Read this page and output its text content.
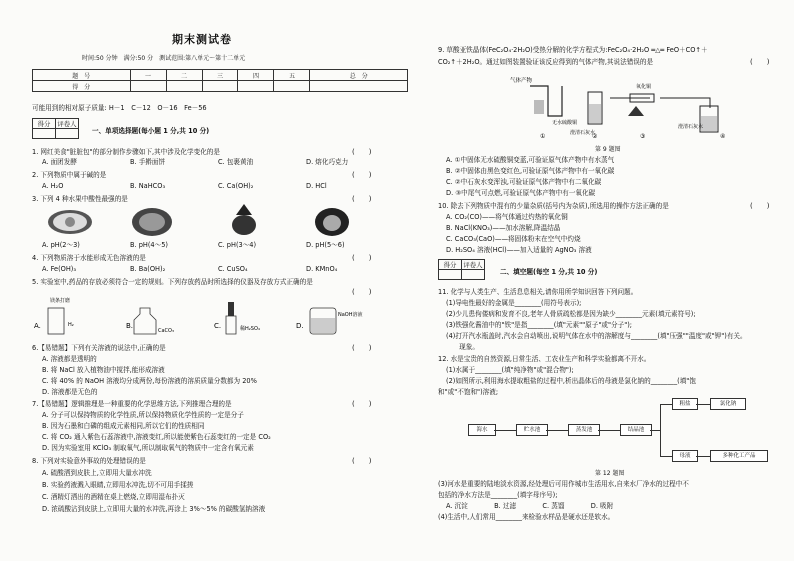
期末测试卷
时间:50 分钟　满分:50 分　测试范围:第八单元～第十二单元
题　号	一	二	三	四	五	总　分
得　分						
可能用到的相对原子质量: H－1　C－12　O－16　Fe－56
得分	评卷人

一、单项选择题(每小题 1 分,共 10 分)
1. 网红美食"脏脏包"的部分制作步骤如下,其中涉及化学变化的是	(　　)
A. 面团发酵	B. 手擀面饼	C. 包裹黄油	D. 熔化巧克力
2. 下列物质中属于碱的是	(　　)
A. H₂O	B. NaHCO₃	C. Ca(OH)₂	D. HCl
3. 下列 4 种水果中酸性最强的是	(　　)
A. pH(2～3)	B. pH(4～5)	C. pH(3～4)	D. pH(5～6)
4. 下列物质溶于水能形成无色溶液的是	(　　)
A. Fe(OH)₃	B. Ba(OH)₂	C. CuSO₄	D. KMnO₄
5. 实验室中,药品的存放必须符合一定的规则。下列存放药品时所选择的仪器及存放方式正确的是
(　　)
A.
镁条打磨
H₂	B.
CaCO₃
C.	稀H₂SO₄	D.
NaOH溶液
6.【易错题】下列有关溶液的说法中,正确的是	(　　)
A. 溶液都是透明的
B. 将 NaCl 放入植物油中搅拌,能形成溶液
C. 将 40% 的 NaOH 溶液均分成两份,每份溶液的溶质质量分数都为 20%
D. 溶液都是无色的
7.【易错题】逻辑推理是一种重要的化学思维方法,下列推理合理的是	(　　)
A. 分子可以保持物质的化学性质,所以保持物质化学性质的一定是分子
B. 因为石墨和白磷的组成元素相同,所以它们的性质相同
C. 将 CO₂ 通入紫色石蕊溶液中,溶液变红,所以能使紫色石蕊变红的一定是 CO₂
D. 因为实验室用 KClO₃ 制取氧气,所以制取氧气的物质中一定含有氧元素
8. 下列对实验意外事故的处理错误的是	(　　)
A. 硫酸洒到皮肤上,立即用大量水冲洗
B. 实验药液溅入眼睛,立即用水冲洗,切不可用手揉搓
C. 酒精灯洒出的酒精在桌上燃烧,立即用湿布扑灭
D. 浓硫酸沾到皮肤上,立即用大量的水冲洗,再涂上 3%～5% 的碳酸氢钠溶液
9. 草酸亚铁晶体(FeC₂O₄·2H₂O)受热分解的化学方程式为:FeC₂O₄·2H₂O ═△═ FeO＋CO↑＋
CO₂↑＋2H₂O。通过如图装置验证该反应得到的气体产物,其说法错误的是	(　　)
气体产物
无水硫酸铜
澄清石灰水
氧化铜
澄清石灰水
①	②	③	④
第 9 题图
A. ①中固体无水硫酸铜变蓝,可验证原气体产物中有水蒸气
B. ②中固体由黑色变红色,可验证原气体产物中有一氧化碳
C. ②中石灰水变浑浊,可验证原气体产物中有二氧化碳
D. ③中尾气可点燃,可验证原气体产物中有一氧化碳
10. 除去下列物质中混有的少量杂质(括号内为杂质),所选用的操作方法正确的是	(　　)
A. CO₂(CO)——将气体通过灼热的氧化铜
B. NaCl(KNO₃)——加水溶解,降温结晶
C. CaCO₃(CaO)——将固体粉末在空气中灼烧
D. H₂SO₄ 溶液(HCl)——加入适量的 AgNO₃ 溶液
得分	评卷人

二、填空题(每空 1 分,共 10 分)
11. 化学与人类生产、生活息息相关,请你用所学知识回答下列问题。
(1)导电性最好的金属是________(用符号表示);
(2)少儿患佝偻病和发育不良,老年人骨质疏松都是因为缺少________元素(填元素符号);
(3)铁强化酱油中的"铁"是指________(填"元素""原子"或"分子");
(4)打开汽水瓶盖时,汽水会自动喷出,说明气体在水中的溶解度与________(填"压强""温度"或"钾")有关。
　　现象。
12. 水是宝贵的自然资源,日常生活、工农业生产和科学实验都离不开水。
(1)水属于________(填"纯净物"或"混合物");
(2)如图所示,利用海水提取粗盐的过程中,析出晶体后的母液是氯化钠的________(填"饱
和"或"不饱和")溶液;
海水	贮水池	蒸发池	结晶池
粗盐
母液
氯化钠
多种化工产品
第 12 题图
(3)河水是重要的陆地淡水资源,经处理后可用作城市生活用水,自来水厂净水的过程中不
包括的净水方法是________(填字母序号);
A. 沉淀　　　　B. 过滤　　　　C. 蒸馏　　　　D. 吸附
(4)生活中,人们常用________来检验水样品是硬水还是软水。
